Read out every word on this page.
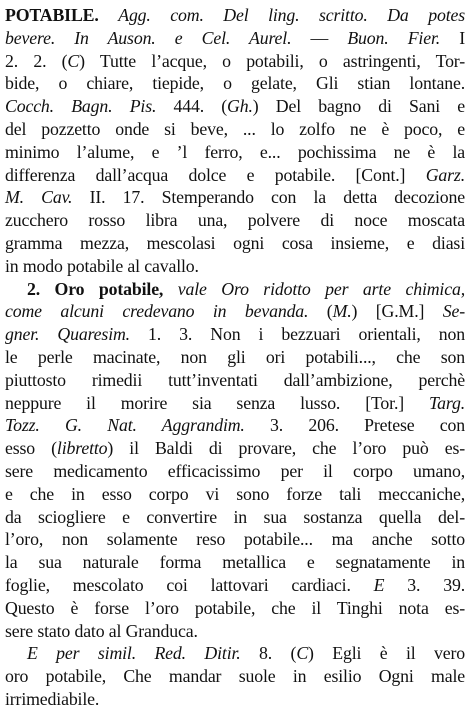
POTABILE. Agg. com. Del ling. scritto. Da potes
bevere. In Auson. e Cel. Aurel. — Buon. Fier. I
2. 2. (C) Tutte l’acque, o potabili, o astringenti, Tor-
bide, o chiare, tiepide, o gelate, Gli stian lontane.
Cocch. Bagn. Pis. 444. (Gh.) Del bagno di Sani e
del pozzetto onde si beve, ... lo zolfo ne è poco, e
minimo l’alume, e ’l ferro, e... pochissima ne è la
differenza dall’acqua dolce e potabile. [Cont.] Garz.
M. Cav. II. 17. Stemperando con la detta decozione
zucchero rosso libra una, polvere di noce moscata
gramma mezza, mescolasi ogni cosa insieme, e diasi
in modo potabile al cavallo.
2. Oro potabile, vale Oro ridotto per arte chimica,
come alcuni credevano in bevanda. (M.) [G.M.] Se-
gner. Quaresim. 1. 3. Non i bezzuari orientali, non
le perle macinate, non gli ori potabili..., che son
piuttosto rimedii tutt’inventati dall’ambizione, perchè
neppure il morire sia senza lusso. [Tor.] Targ.
Tozz. G. Nat. Aggrandim. 3. 206. Pretese con
esso (libretto) il Baldi di provare, che l’oro può es-
sere medicamento efficacissimo per il corpo umano,
e che in esso corpo vi sono forze tali meccaniche,
da sciogliere e convertire in sua sostanza quella del-
l’oro, non solamente reso potabile... ma anche sotto
la sua naturale forma metallica e segnatamente in
foglie, mescolato coi lattovari cardiaci. E 3. 39.
Questo è forse l’oro potabile, che il Tinghi nota es-
sere stato dato al Granduca.
E per simil. Red. Ditir. 8. (C) Egli è il vero
oro potabile, Che mandar suole in esilio Ogni male
irrimediabile.
